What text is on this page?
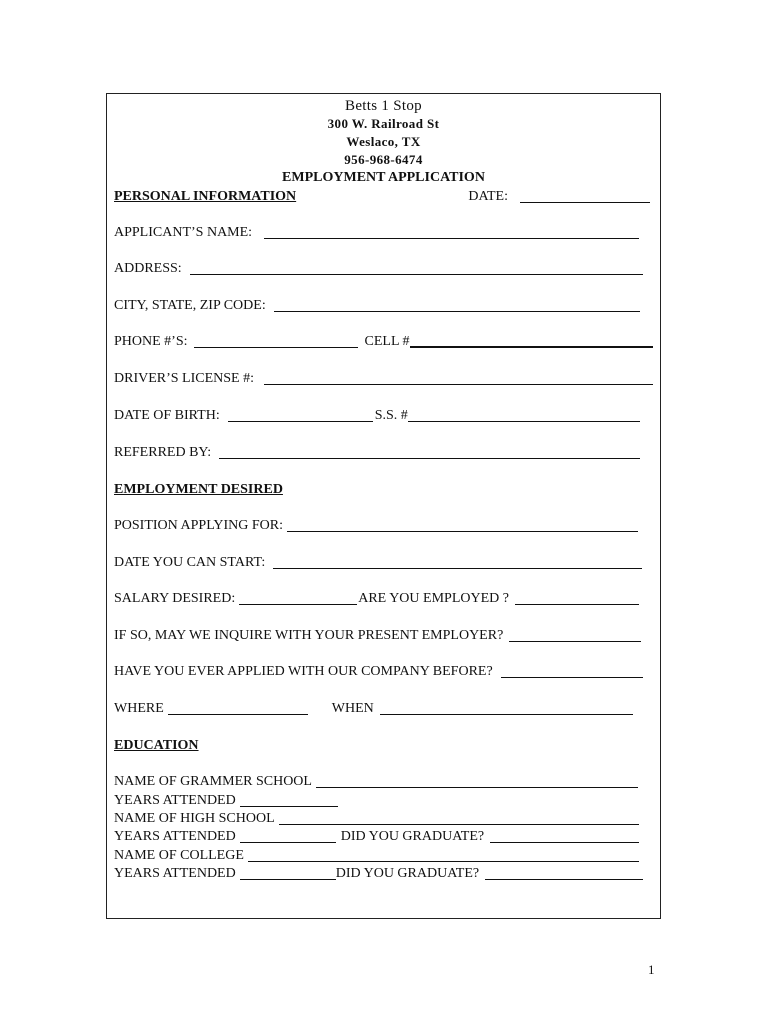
Betts 1 Stop
300 W. Railroad St
Weslaco, TX
956-968-6474
EMPLOYMENT APPLICATION
PERSONAL INFORMATION	DATE:
APPLICANT’S NAME:
ADDRESS:
CITY, STATE, ZIP CODE:
PHONE #’S:	CELL #
DRIVER’S LICENSE #:
DATE OF BIRTH:	S.S. #
REFERRED BY:
EMPLOYMENT DESIRED
POSITION APPLYING FOR:
DATE YOU CAN START:
SALARY DESIRED:	ARE YOU EMPLOYED ?
IF SO, MAY WE INQUIRE WITH YOUR PRESENT EMPLOYER?
HAVE YOU EVER APPLIED WITH OUR COMPANY BEFORE?
WHERE	WHEN
EDUCATION
NAME OF GRAMMER SCHOOL
YEARS ATTENDED
NAME OF HIGH SCHOOL
YEARS ATTENDED	DID YOU GRADUATE?
NAME OF COLLEGE
YEARS ATTENDED	DID YOU GRADUATE?
1
